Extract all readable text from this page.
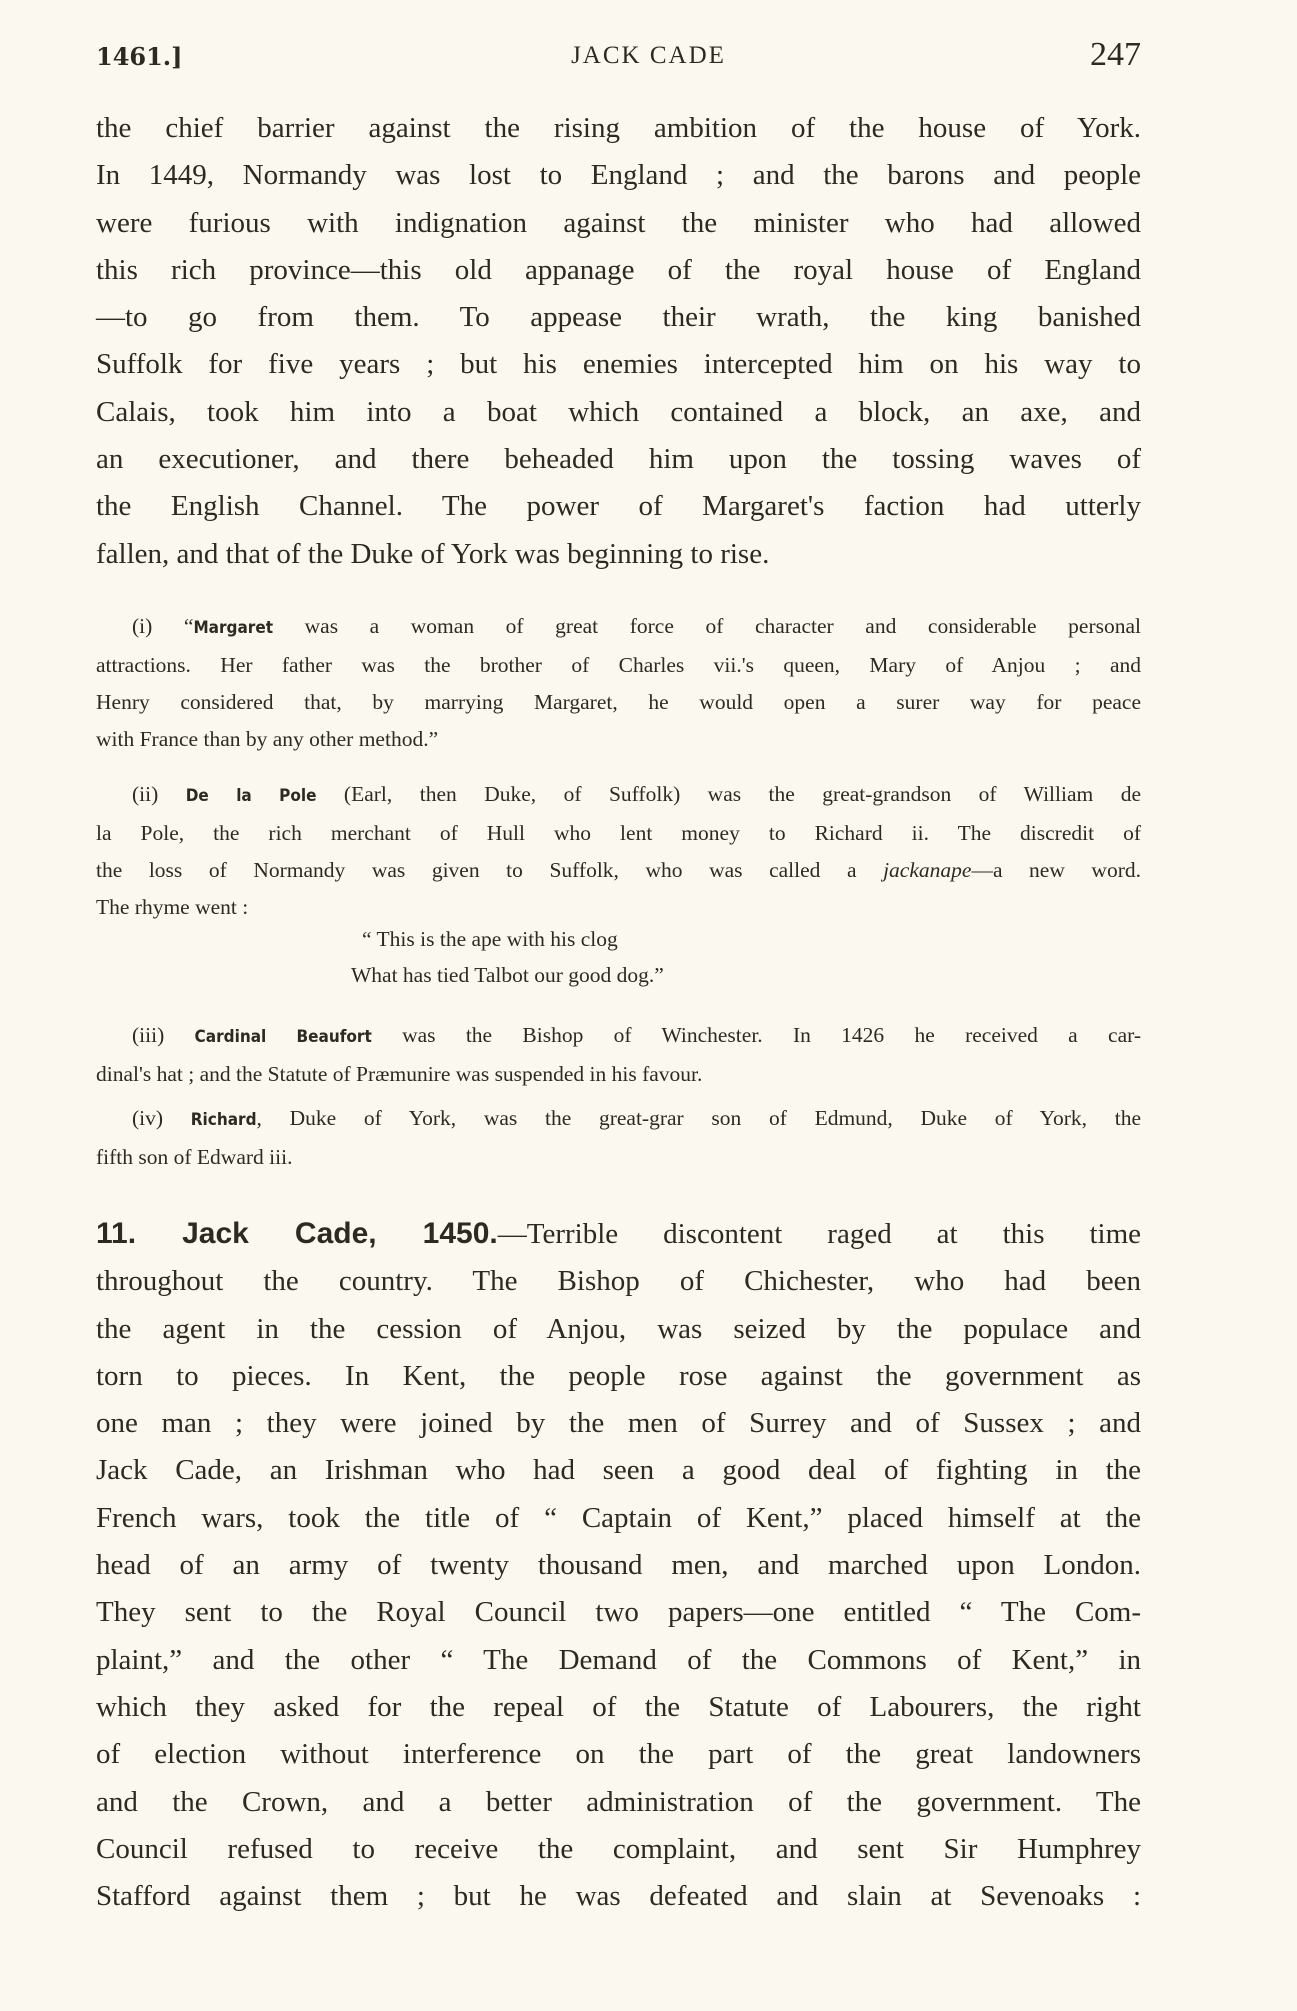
1461.]	JACK CADE	247
the chief barrier against the rising ambition of the house of York.
In 1449, Normandy was lost to England ; and the barons and people
were furious with indignation against the minister who had allowed
this rich province—this old appanage of the royal house of England
—to go from them. To appease their wrath, the king banished
Suffolk for five years ; but his enemies intercepted him on his way to
Calais, took him into a boat which contained a block, an axe, and
an executioner, and there beheaded him upon the tossing waves of
the English Channel. The power of Margaret's faction had utterly
fallen, and that of the Duke of York was beginning to rise.
(i) “Margaret was a woman of great force of character and considerable personal
attractions. Her father was the brother of Charles vii.'s queen, Mary of Anjou ; and
Henry considered that, by marrying Margaret, he would open a surer way for peace
with France than by any other method.”
(ii) De la Pole (Earl, then Duke, of Suffolk) was the great-grandson of William de
la Pole, the rich merchant of Hull who lent money to Richard ii. The discredit of
the loss of Normandy was given to Suffolk, who was called a jackanape—a new word.
The rhyme went :
“ This is the ape with his clog
What has tied Talbot our good dog.”
(iii) Cardinal Beaufort was the Bishop of Winchester. In 1426 he received a car-
dinal's hat ; and the Statute of Præmunire was suspended in his favour.
(iv) Richard, Duke of York, was the great-grar son of Edmund, Duke of York, the
fifth son of Edward iii.
11. Jack Cade, 1450.—Terrible discontent raged at this time
throughout the country. The Bishop of Chichester, who had been
the agent in the cession of Anjou, was seized by the populace and
torn to pieces. In Kent, the people rose against the government as
one man ; they were joined by the men of Surrey and of Sussex ; and
Jack Cade, an Irishman who had seen a good deal of fighting in the
French wars, took the title of “ Captain of Kent,” placed himself at the
head of an army of twenty thousand men, and marched upon London.
They sent to the Royal Council two papers—one entitled “ The Com-
plaint,” and the other “ The Demand of the Commons of Kent,” in
which they asked for the repeal of the Statute of Labourers, the right
of election without interference on the part of the great landowners
and the Crown, and a better administration of the government. The
Council refused to receive the complaint, and sent Sir Humphrey
Stafford against them ; but he was defeated and slain at Sevenoaks :
